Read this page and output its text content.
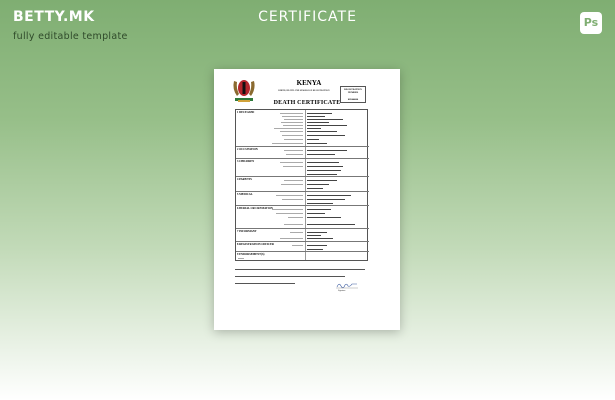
BETTY.MK
fully editable template
CERTIFICATE	Ps
KENYA
BIRTH, DEATH AND MARRIAGE REGISTRATION	REGISTRATION NUMBER
KE000000
DEATH CERTIFICATE
1 DECEASED
2 OCCUPATION
3 CHILDREN
4 PARENTS
5 MEDICAL
6 BURIAL OR CREMATION
7 INFORMANT
8 REGISTRATION OFFICER
9 ENDORSEMENT(S)
Signature
